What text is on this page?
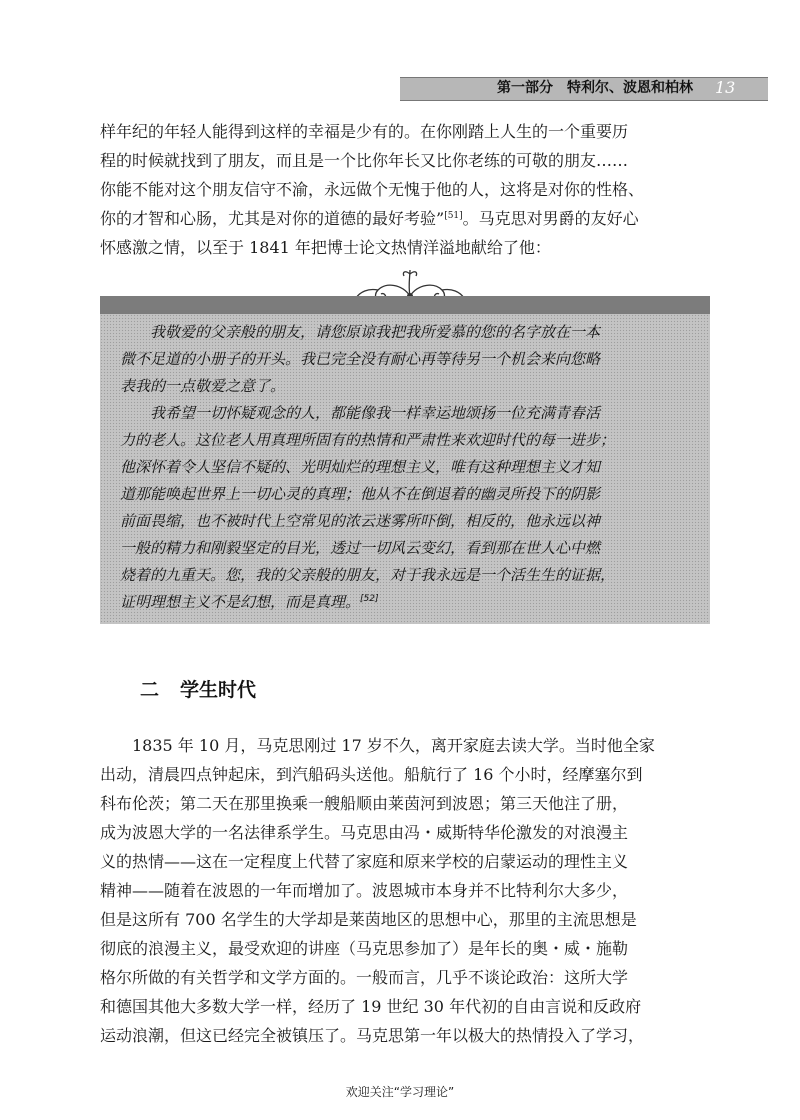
第一部分　特利尔、波恩和柏林	13
样年纪的年轻人能得到这样的幸福是少有的。在你刚踏上人生的一个重要历
程的时候就找到了朋友，而且是一个比你年长又比你老练的可敬的朋友……
你能不能对这个朋友信守不渝，永远做个无愧于他的人，这将是对你的性格、
你的才智和心肠，尤其是对你的道德的最好考验”[51]。马克思对男爵的友好心
怀感激之情，以至于 1841 年把博士论文热情洋溢地献给了他：
我敬爱的父亲般的朋友，请您原谅我把我所爱慕的您的名字放在一本
微不足道的小册子的开头。我已完全没有耐心再等待另一个机会来向您略
表我的一点敬爱之意了。
我希望一切怀疑观念的人，都能像我一样幸运地颂扬一位充满青春活
力的老人。这位老人用真理所固有的热情和严肃性来欢迎时代的每一进步；
他深怀着令人坚信不疑的、光明灿烂的理想主义，唯有这种理想主义才知
道那能唤起世界上一切心灵的真理；他从不在倒退着的幽灵所投下的阴影
前面畏缩，也不被时代上空常见的浓云迷雾所吓倒，相反的，他永远以神
一般的精力和刚毅坚定的目光，透过一切风云变幻，看到那在世人心中燃
烧着的九重天。您，我的父亲般的朋友，对于我永远是一个活生生的证据，
证明理想主义不是幻想，而是真理。[52]
二 学生时代
1835 年 10 月，马克思刚过 17 岁不久，离开家庭去读大学。当时他全家
出动，清晨四点钟起床，到汽船码头送他。船航行了 16 个小时，经摩塞尔到
科布伦茨；第二天在那里换乘一艘船顺由莱茵河到波恩；第三天他注了册，
成为波恩大学的一名法律系学生。马克思由冯・威斯特华伦激发的对浪漫主
义的热情——这在一定程度上代替了家庭和原来学校的启蒙运动的理性主义
精神——随着在波恩的一年而增加了。波恩城市本身并不比特利尔大多少，
但是这所有 700 名学生的大学却是莱茵地区的思想中心，那里的主流思想是
彻底的浪漫主义，最受欢迎的讲座（马克思参加了）是年长的奥・威・施勒
格尔所做的有关哲学和文学方面的。一般而言，几乎不谈论政治：这所大学
和德国其他大多数大学一样，经历了 19 世纪 30 年代初的自由言说和反政府
运动浪潮，但这已经完全被镇压了。马克思第一年以极大的热情投入了学习，
欢迎关注“学习理论”
